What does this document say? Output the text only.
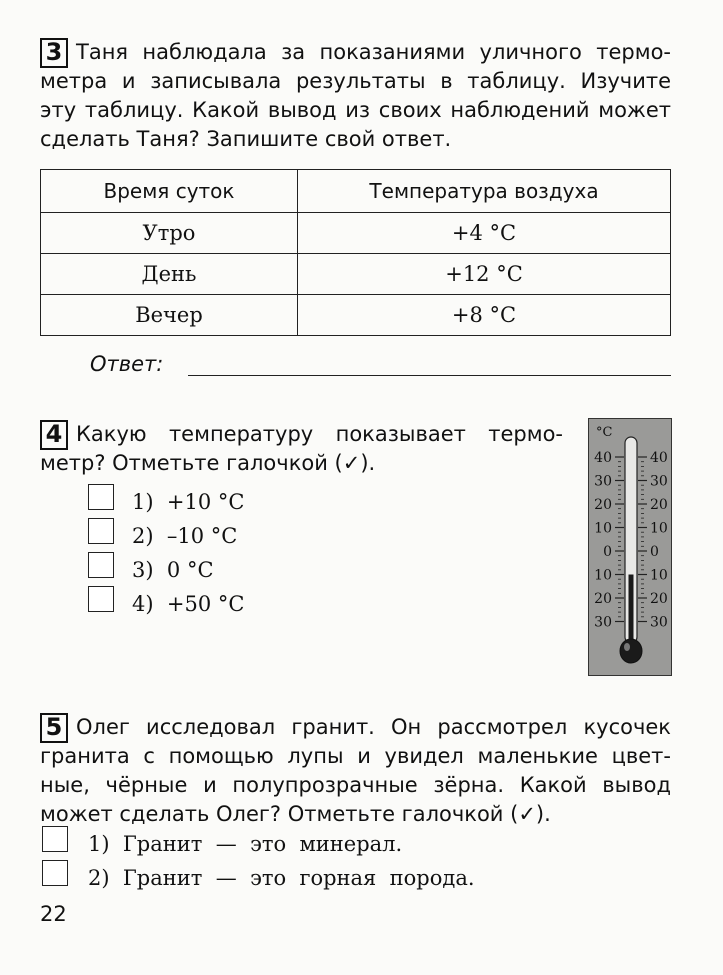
3 Таня наблюдала за показаниями уличного термо-
метра и записывала результаты в таблицу. Изучите
эту таблицу. Какой вывод из своих наблюдений может
сделать Таня? Запишите свой ответ.

Время суток	Температура воздуха
Утро	+4 °С
День	+12 °С
Вечер	+8 °С
Ответ:
4 Какую температуру показывает термо-
метр? Отметьте галочкой (✓).

1)  +10 °С
2)  –10 °С
3)  0 °С
4)  +50 °С
°С
40	40
30	30
20	20
10	10
0	0
10	10
20	20
30	30
5 Олег исследовал гранит. Он рассмотрел кусочек
гранита с помощью лупы и увидел маленькие цвет-
ные, чёрные и полупрозрачные зёрна. Какой вывод
может сделать Олег? Отметьте галочкой (✓).

1)  Гранит  —  это  минерал.
2)  Гранит  —  это  горная  порода.
22
